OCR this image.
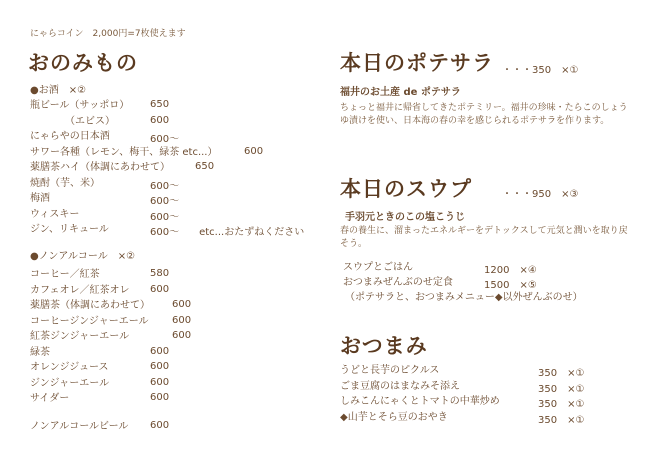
にゃらコイン　2,000円=7枚使えます
おのみもの
●お酒　×②
瓶ビール（サッポロ） 650
　　　　（エビス）	600
にゃらやの日本酒	600〜
サワー各種（レモン、梅干、緑茶 etc...）	600
薬膳茶ハイ（体調にあわせて）	650
焼酎（芋、米）	600〜
梅酒	600〜
ウィスキー	600〜
ジン、リキュール	600〜　　etc...おたずねください
●ノンアルコール　×②
コーヒー／紅茶	580
カフェオレ／紅茶オレ 600
薬膳茶（体調にあわせて） 600
コーヒージンジャーエール 600
紅茶ジンジャーエール	600
緑茶	600
オレンジジュース	600
ジンジャーエール	600
サイダー	600
ノンアルコールビール 600
本日のポテサラ ・・・350　×①
福井のお土産 de ポテサラ
ちょっと福井に帰省してきたポテミリー。福井の珍味・たらこのしょうゆ漬けを使い、日本海の春の幸を感じられるポテサラを作ります。
本日のスウプ	・・・950　×③
手羽元ときのこの塩こうじ
春の養生に、溜まったエネルギーをデトックスして元気と潤いを取り戻そう。
スウプとごはん	1200　×④
おつまみぜんぶのせ定食	1500　×⑤
（ポテサラと、おつまみメニュー◆以外ぜんぶのせ）
おつまみ
うどと長芋のピクルス	350　×①
ごま豆腐のはまなみそ添え	350　×①
しみこんにゃくとトマトの中華炒め	350　×①
◆山芋とそら豆のおやき	350　×①
